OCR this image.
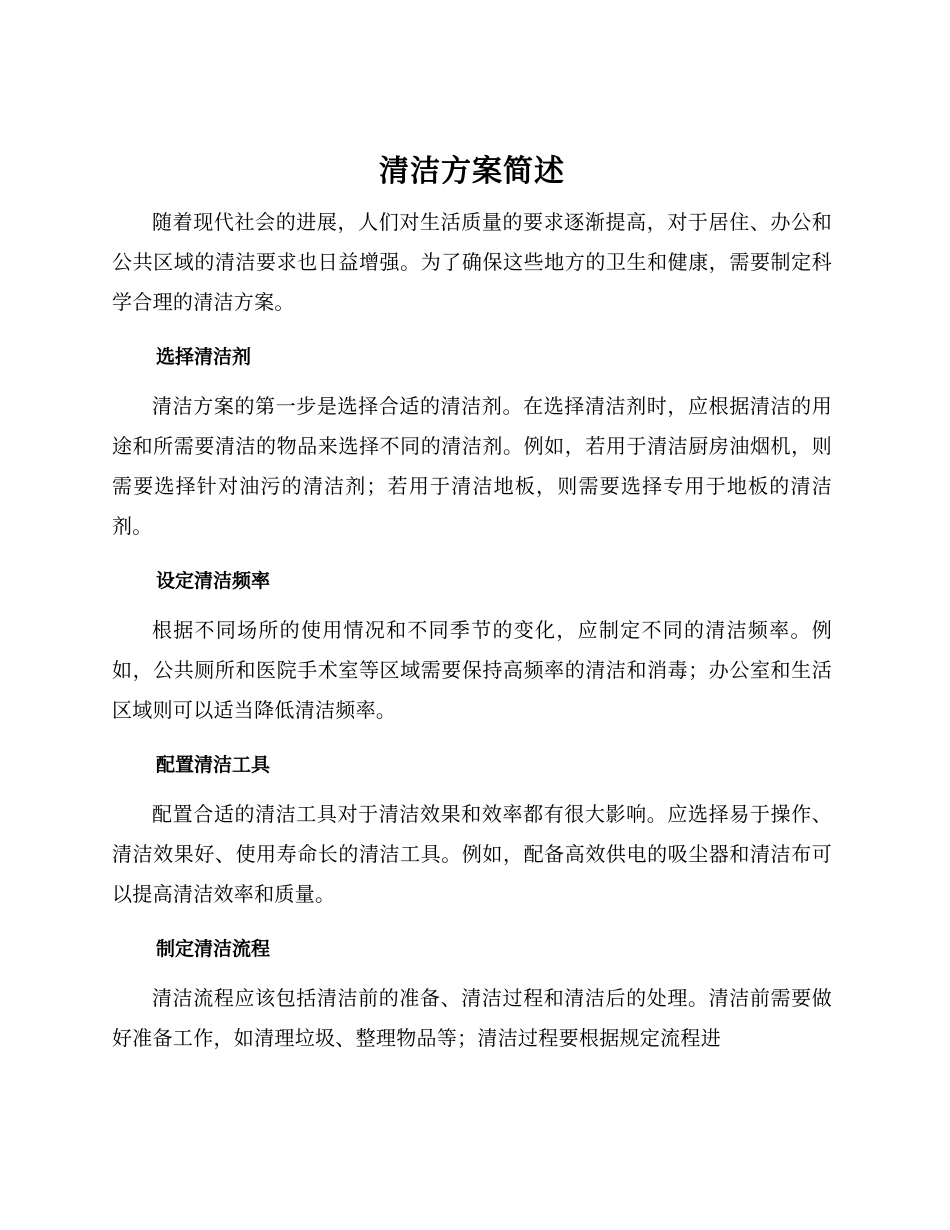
清洁方案简述

随着现代社会的进展，人们对生活质量的要求逐渐提高，对于居住、办公和公共区域的清洁要求也日益增强。为了确保这些地方的卫生和健康，需要制定科学合理的清洁方案。

选择清洁剂

清洁方案的第一步是选择合适的清洁剂。在选择清洁剂时，应根据清洁的用途和所需要清洁的物品来选择不同的清洁剂。例如，若用于清洁厨房油烟机，则需要选择针对油污的清洁剂；若用于清洁地板，则需要选择专用于地板的清洁剂。

设定清洁频率

根据不同场所的使用情况和不同季节的变化，应制定不同的清洁频率。例如，公共厕所和医院手术室等区域需要保持高频率的清洁和消毒；办公室和生活区域则可以适当降低清洁频率。

配置清洁工具

配置合适的清洁工具对于清洁效果和效率都有很大影响。应选择易于操作、清洁效果好、使用寿命长的清洁工具。例如，配备高效供电的吸尘器和清洁布可以提高清洁效率和质量。

制定清洁流程

清洁流程应该包括清洁前的准备、清洁过程和清洁后的处理。清洁前需要做好准备工作，如清理垃圾、整理物品等；清洁过程要根据规定流程进
